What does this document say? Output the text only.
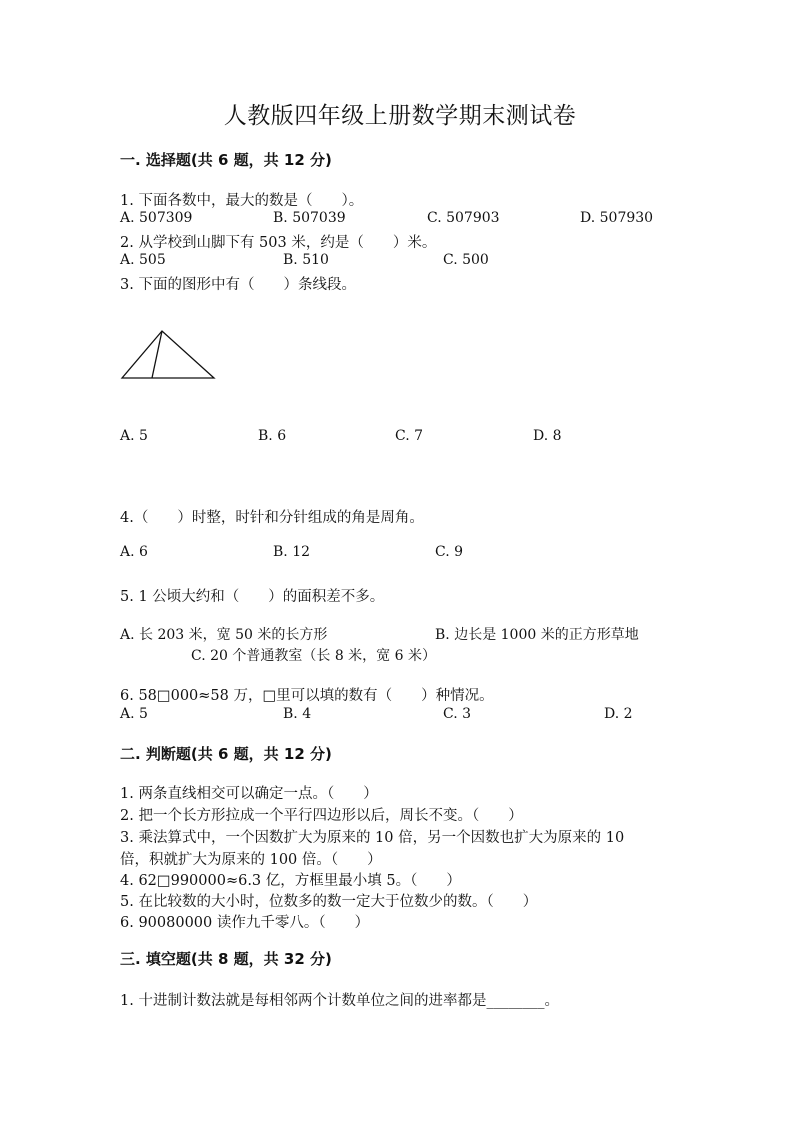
人教版四年级上册数学期末测试卷
一. 选择题(共 6 题，共 12 分)
1. 下面各数中，最大的数是（　　）。
A. 507309	B. 507039	C. 507903	D. 507930
2. 从学校到山脚下有 503 米，约是（　　）米。
A. 505	B. 510	C. 500
3. 下面的图形中有（　　）条线段。
A. 5	B. 6	C. 7	D. 8
4.（　　）时整，时针和分针组成的角是周角。
A. 6	B. 12	C. 9
5. 1 公顷大约和（　　）的面积差不多。
A. 长 203 米，宽 50 米的长方形	B. 边长是 1000 米的正方形草地
C. 20 个普通教室（长 8 米，宽 6 米）
6. 58□000≈58 万，□里可以填的数有（　　）种情况。
A. 5	B. 4	C. 3	D. 2
二. 判断题(共 6 题，共 12 分)
1. 两条直线相交可以确定一点。（　　）
2. 把一个长方形拉成一个平行四边形以后，周长不变。（　　）
3. 乘法算式中，一个因数扩大为原来的 10 倍，另一个因数也扩大为原来的 10
倍，积就扩大为原来的 100 倍。（　　）
4. 62□990000≈6.3 亿，方框里最小填 5。（　　）
5. 在比较数的大小时，位数多的数一定大于位数少的数。（　　）
6. 90080000 读作九千零八。（　　）
三. 填空题(共 8 题，共 32 分)
1. 十进制计数法就是每相邻两个计数单位之间的进率都是________。
